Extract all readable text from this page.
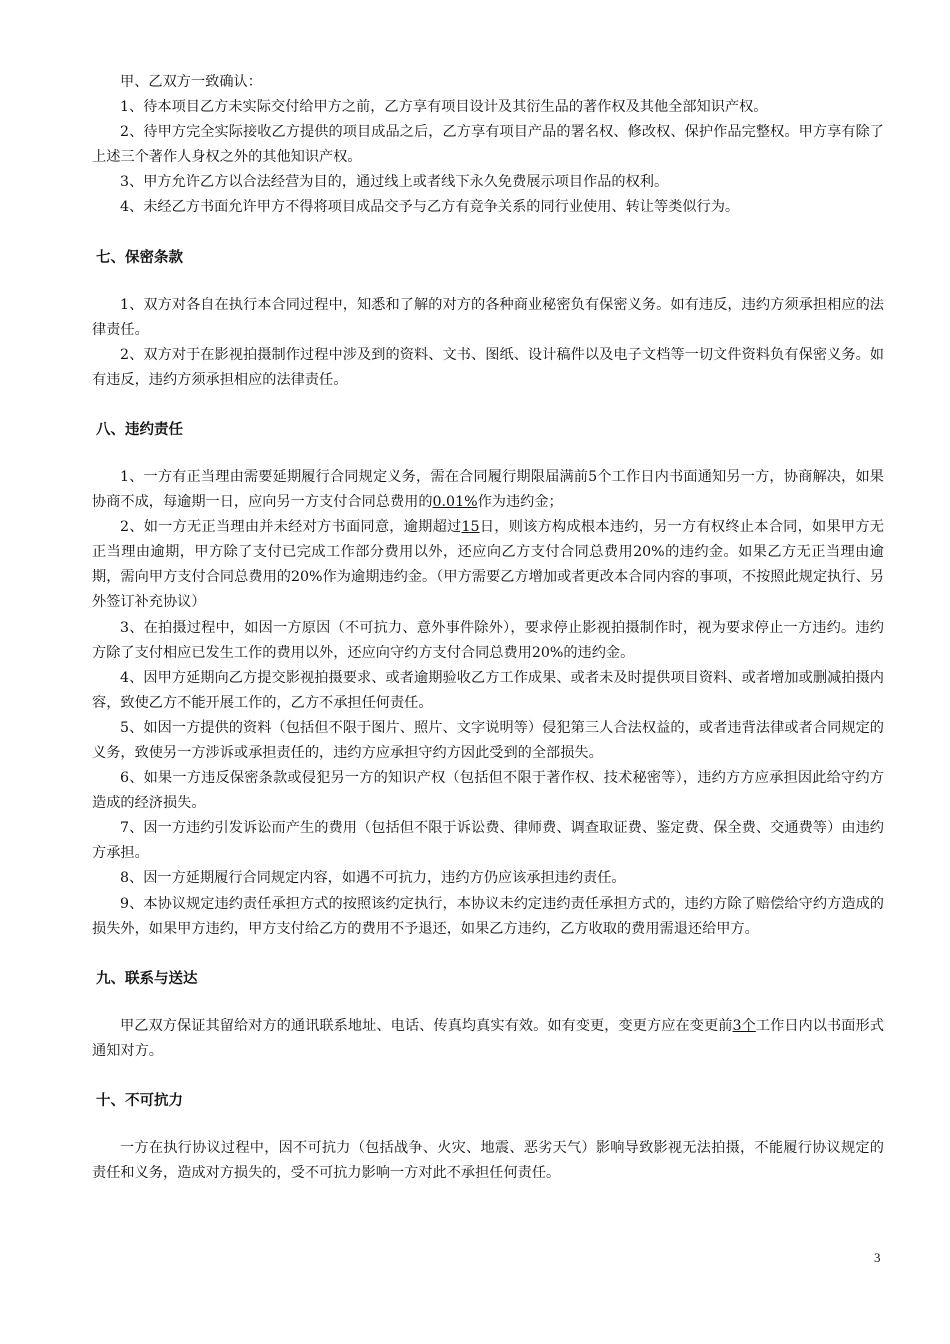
甲、乙双方一致确认：

1、待本项目乙方未实际交付给甲方之前，乙方享有项目设计及其衍生品的著作权及其他全部知识产权。

2、待甲方完全实际接收乙方提供的项目成品之后，乙方享有项目产品的署名权、修改权、保护作品完整权。甲方享有除了上述三个著作人身权之外的其他知识产权。

3、甲方允许乙方以合法经营为目的，通过线上或者线下永久免费展示项目作品的权利。

4、未经乙方书面允许甲方不得将项目成品交予与乙方有竞争关系的同行业使用、转让等类似行为。

七、保密条款

1、双方对各自在执行本合同过程中，知悉和了解的对方的各种商业秘密负有保密义务。如有违反，违约方须承担相应的法律责任。

2、双方对于在影视拍摄制作过程中涉及到的资料、文书、图纸、设计稿件以及电子文档等一切文件资料负有保密义务。如有违反，违约方须承担相应的法律责任。

八、违约责任

1、一方有正当理由需要延期履行合同规定义务，需在合同履行期限届满前5个工作日内书面通知另一方，协商解决，如果协商不成，每逾期一日，应向另一方支付合同总费用的0.01%作为违约金；

2、如一方无正当理由并未经对方书面同意，逾期超过15日，则该方构成根本违约，另一方有权终止本合同，如果甲方无正当理由逾期，甲方除了支付已完成工作部分费用以外，还应向乙方支付合同总费用20%的违约金。如果乙方无正当理由逾期，需向甲方支付合同总费用的20%作为逾期违约金。（甲方需要乙方增加或者更改本合同内容的事项，不按照此规定执行、另外签订补充协议）

3、在拍摄过程中，如因一方原因（不可抗力、意外事件除外），要求停止影视拍摄制作时，视为要求停止一方违约。违约方除了支付相应已发生工作的费用以外，还应向守约方支付合同总费用20%的违约金。

4、因甲方延期向乙方提交影视拍摄要求、或者逾期验收乙方工作成果、或者未及时提供项目资料、或者增加或删减拍摄内容，致使乙方不能开展工作的，乙方不承担任何责任。

5、如因一方提供的资料（包括但不限于图片、照片、文字说明等）侵犯第三人合法权益的，或者违背法律或者合同规定的义务，致使另一方涉诉或承担责任的，违约方应承担守约方因此受到的全部损失。

6、如果一方违反保密条款或侵犯另一方的知识产权（包括但不限于著作权、技术秘密等），违约方方应承担因此给守约方造成的经济损失。

7、因一方违约引发诉讼而产生的费用（包括但不限于诉讼费、律师费、调查取证费、鉴定费、保全费、交通费等）由违约方承担。

8、因一方延期履行合同规定内容，如遇不可抗力，违约方仍应该承担违约责任。

9、本协议规定违约责任承担方式的按照该约定执行，本协议未约定违约责任承担方式的，违约方除了赔偿给守约方造成的损失外，如果甲方违约，甲方支付给乙方的费用不予退还，如果乙方违约，乙方收取的费用需退还给甲方。

九、联系与送达

甲乙双方保证其留给对方的通讯联系地址、电话、传真均真实有效。如有变更，变更方应在变更前3个工作日内以书面形式通知对方。

十、不可抗力

一方在执行协议过程中，因不可抗力（包括战争、火灾、地震、恶劣天气）影响导致影视无法拍摄，不能履行协议规定的责任和义务，造成对方损失的，受不可抗力影响一方对此不承担任何责任。

3
